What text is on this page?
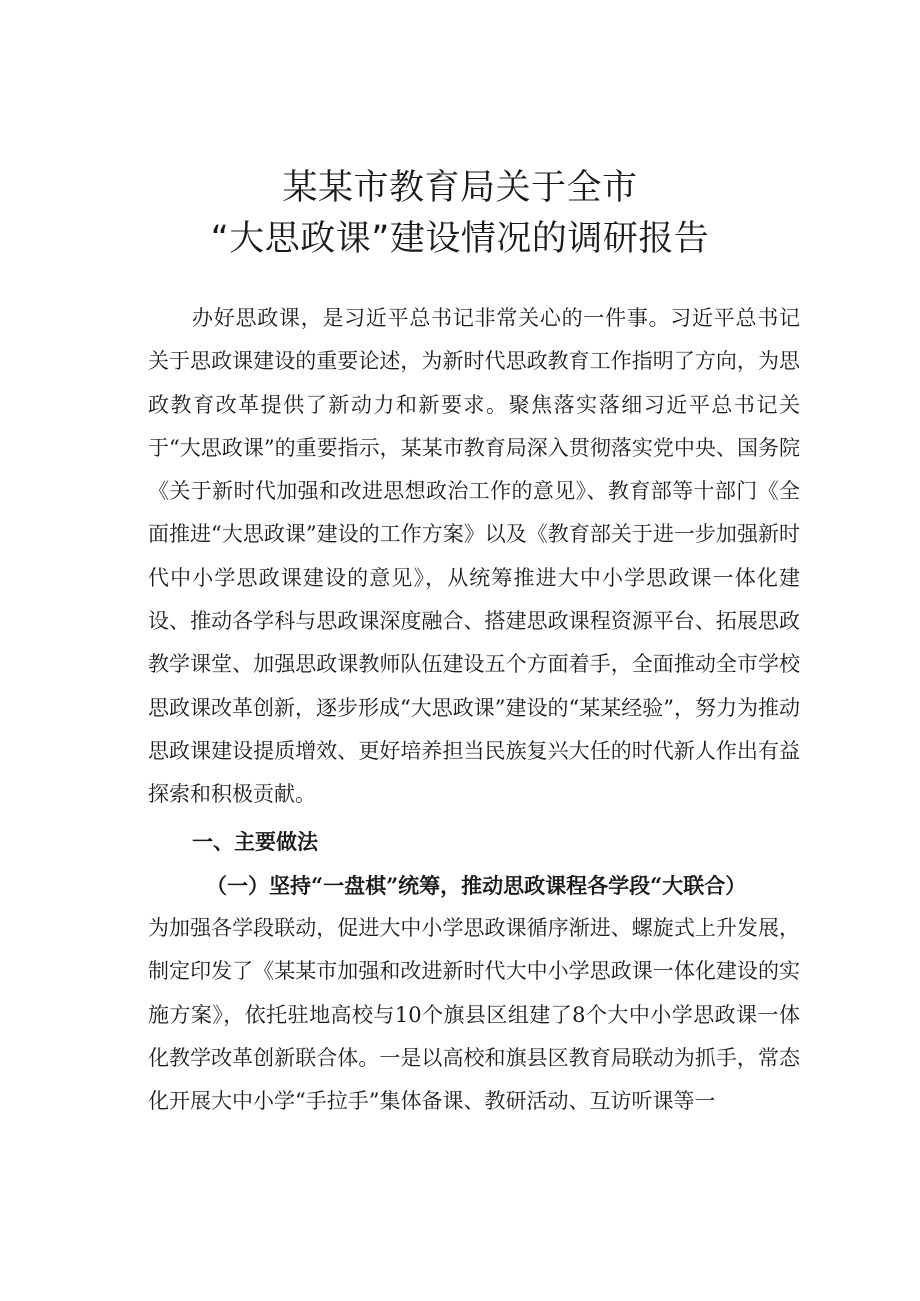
某某市教育局关于全市
“大思政课”建设情况的调研报告

办好思政课，是习近平总书记非常关心的一件事。习近平总书记关于思政课建设的重要论述，为新时代思政教育工作指明了方向，为思政教育改革提供了新动力和新要求。聚焦落实落细习近平总书记关于“大思政课”的重要指示，某某市教育局深入贯彻落实党中央、国务院《关于新时代加强和改进思想政治工作的意见》、教育部等十部门《全面推进“大思政课”建设的工作方案》以及《教育部关于进一步加强新时代中小学思政课建设的意见》，从统筹推进大中小学思政课一体化建设、推动各学科与思政课深度融合、搭建思政课程资源平台、拓展思政教学课堂、加强思政课教师队伍建设五个方面着手，全面推动全市学校思政课改革创新，逐步形成“大思政课”建设的“某某经验”，努力为推动思政课建设提质增效、更好培养担当民族复兴大任的时代新人作出有益探索和积极贡献。

一、主要做法
（一）坚持“一盘棋”统筹，推动思政课程各学段“大联合）

为加强各学段联动，促进大中小学思政课循序渐进、螺旋式上升发展，制定印发了《某某市加强和改进新时代大中小学思政课一体化建设的实施方案》，依托驻地高校与10个旗县区组建了8个大中小学思政课一体化教学改革创新联合体。一是以高校和旗县区教育局联动为抓手，常态化开展大中小学“手拉手”集体备课、教研活动、互访听课等一
